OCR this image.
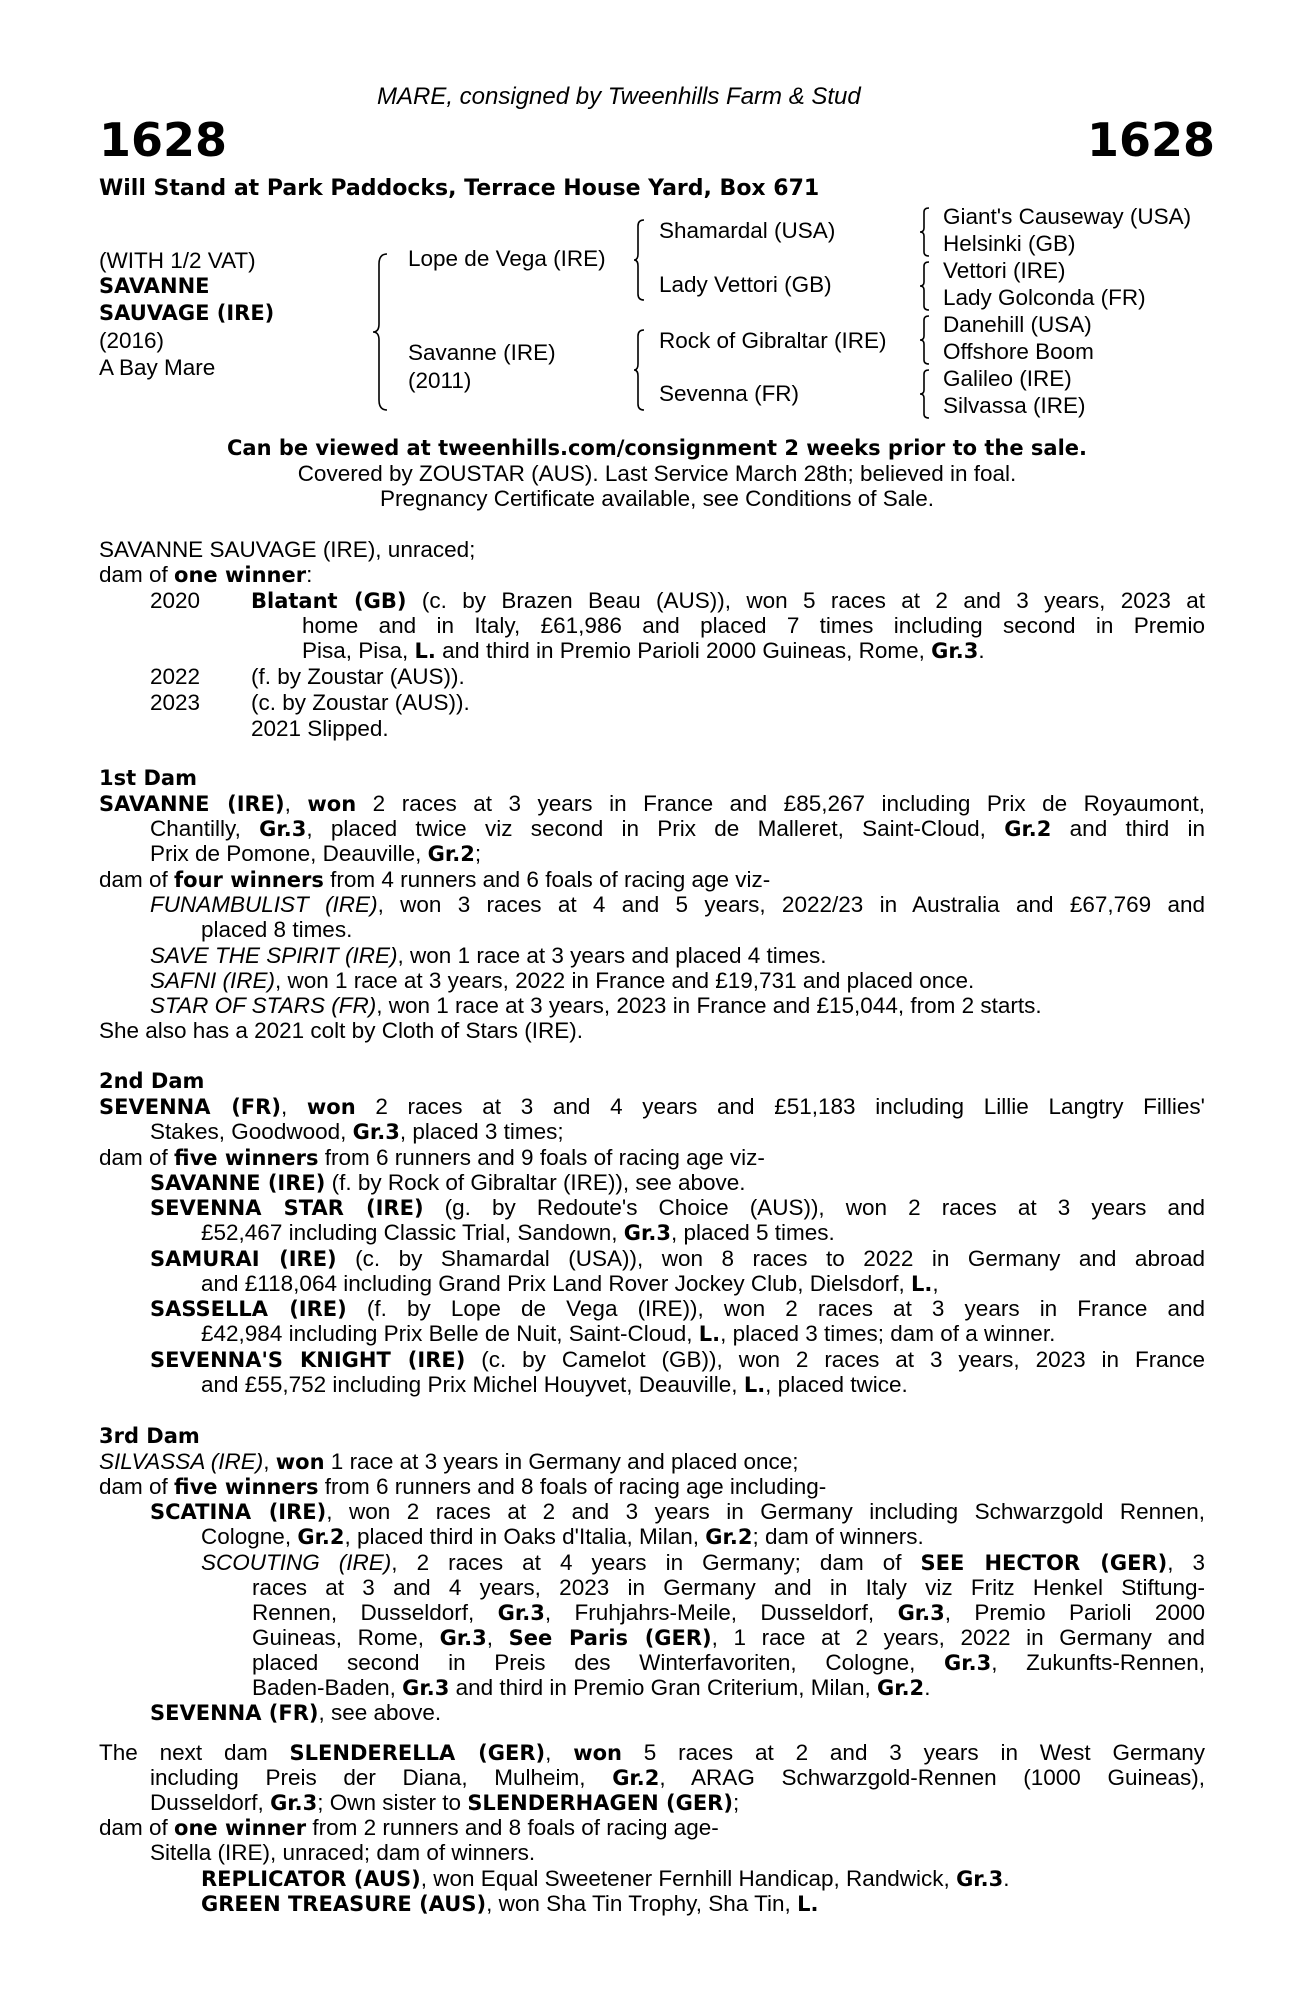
MARE, consigned by Tweenhills Farm & Stud
1628	1628
Will Stand at Park Paddocks, Terrace House Yard, Box 671
(WITH 1/2 VAT)
SAVANNE
SAUVAGE (IRE)
(2016)
A Bay Mare
Lope de Vega (IRE)
Savanne (IRE)
(2011)
Shamardal (USA)
Lady Vettori (GB)
Rock of Gibraltar (IRE)
Sevenna (FR)
Giant's Causeway (USA)
Helsinki (GB)
Vettori (IRE)
Lady Golconda (FR)
Danehill (USA)
Offshore Boom
Galileo (IRE)
Silvassa (IRE)
Can be viewed at tweenhills.com/consignment 2 weeks prior to the sale.
Covered by ZOUSTAR (AUS). Last Service March 28th; believed in foal.
Pregnancy Certificate available, see Conditions of Sale.
SAVANNE SAUVAGE (IRE), unraced;
dam of one winner:
2020 Blatant (GB) (c. by Brazen Beau (AUS)), won 5 races at 2 and 3 years, 2023 at
home and in Italy, £61,986 and placed 7 times including second in Premio
Pisa, Pisa, L. and third in Premio Parioli 2000 Guineas, Rome, Gr.3.
2022 (f. by Zoustar (AUS)).
2023 (c. by Zoustar (AUS)).
2021 Slipped.
1st Dam
SAVANNE (IRE), won 2 races at 3 years in France and £85,267 including Prix de Royaumont,
Chantilly, Gr.3, placed twice viz second in Prix de Malleret, Saint-Cloud, Gr.2 and third in
Prix de Pomone, Deauville, Gr.2;
dam of four winners from 4 runners and 6 foals of racing age viz-
FUNAMBULIST (IRE), won 3 races at 4 and 5 years, 2022/23 in Australia and £67,769 and
placed 8 times.
SAVE THE SPIRIT (IRE), won 1 race at 3 years and placed 4 times.
SAFNI (IRE), won 1 race at 3 years, 2022 in France and £19,731 and placed once.
STAR OF STARS (FR), won 1 race at 3 years, 2023 in France and £15,044, from 2 starts.
She also has a 2021 colt by Cloth of Stars (IRE).
2nd Dam
SEVENNA (FR), won 2 races at 3 and 4 years and £51,183 including Lillie Langtry Fillies'
Stakes, Goodwood, Gr.3, placed 3 times;
dam of five winners from 6 runners and 9 foals of racing age viz-
SAVANNE (IRE) (f. by Rock of Gibraltar (IRE)), see above.
SEVENNA STAR (IRE) (g. by Redoute's Choice (AUS)), won 2 races at 3 years and
£52,467 including Classic Trial, Sandown, Gr.3, placed 5 times.
SAMURAI (IRE) (c. by Shamardal (USA)), won 8 races to 2022 in Germany and abroad
and £118,064 including Grand Prix Land Rover Jockey Club, Dielsdorf, L.,
SASSELLA (IRE) (f. by Lope de Vega (IRE)), won 2 races at 3 years in France and
£42,984 including Prix Belle de Nuit, Saint-Cloud, L., placed 3 times; dam of a winner.
SEVENNA'S KNIGHT (IRE) (c. by Camelot (GB)), won 2 races at 3 years, 2023 in France
and £55,752 including Prix Michel Houyvet, Deauville, L., placed twice.
3rd Dam
SILVASSA (IRE), won 1 race at 3 years in Germany and placed once;
dam of five winners from 6 runners and 8 foals of racing age including-
SCATINA (IRE), won 2 races at 2 and 3 years in Germany including Schwarzgold Rennen,
Cologne, Gr.2, placed third in Oaks d'Italia, Milan, Gr.2; dam of winners.
SCOUTING (IRE), 2 races at 4 years in Germany; dam of SEE HECTOR (GER), 3
races at 3 and 4 years, 2023 in Germany and in Italy viz Fritz Henkel Stiftung-
Rennen, Dusseldorf, Gr.3, Fruhjahrs-Meile, Dusseldorf, Gr.3, Premio Parioli 2000
Guineas, Rome, Gr.3, See Paris (GER), 1 race at 2 years, 2022 in Germany and
placed second in Preis des Winterfavoriten, Cologne, Gr.3, Zukunfts-Rennen,
Baden-Baden, Gr.3 and third in Premio Gran Criterium, Milan, Gr.2.
SEVENNA (FR), see above.
The next dam SLENDERELLA (GER), won 5 races at 2 and 3 years in West Germany
including Preis der Diana, Mulheim, Gr.2, ARAG Schwarzgold-Rennen (1000 Guineas),
Dusseldorf, Gr.3; Own sister to SLENDERHAGEN (GER);
dam of one winner from 2 runners and 8 foals of racing age-
Sitella (IRE), unraced; dam of winners.
REPLICATOR (AUS), won Equal Sweetener Fernhill Handicap, Randwick, Gr.3.
GREEN TREASURE (AUS), won Sha Tin Trophy, Sha Tin, L.
